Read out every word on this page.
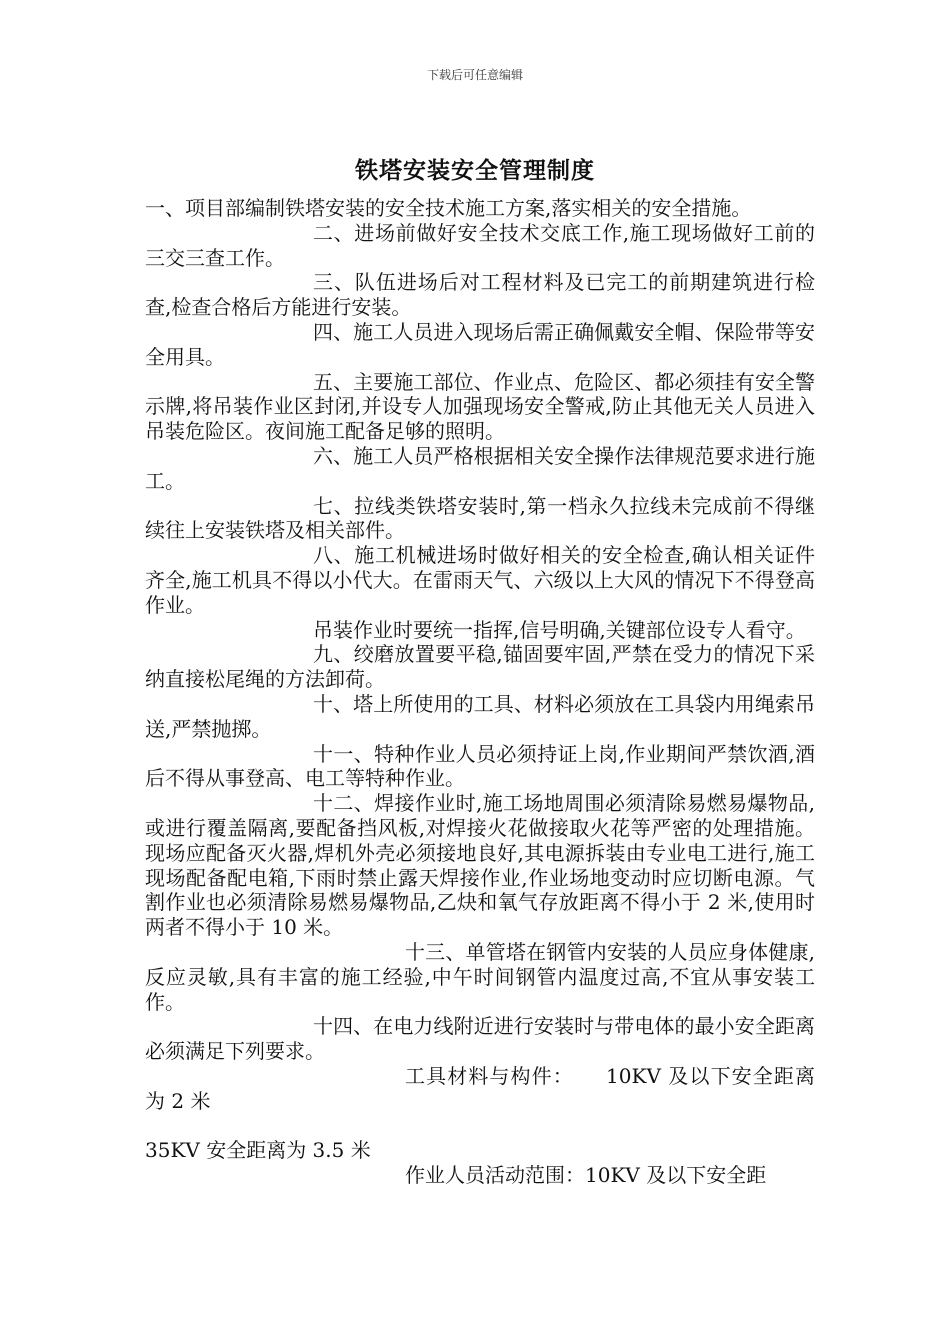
下载后可任意编辑
铁塔安装安全管理制度

一、项目部编制铁塔安装的安全技术施工方案,落实相关的安全措施。

二、进场前做好安全技术交底工作,施工现场做好工前的三交三查工作。

三、队伍进场后对工程材料及已完工的前期建筑进行检查,检查合格后方能进行安装。

四、施工人员进入现场后需正确佩戴安全帽、保险带等安全用具。

五、主要施工部位、作业点、危险区、都必须挂有安全警示牌,将吊装作业区封闭,并设专人加强现场安全警戒,防止其他无关人员进入吊装危险区。夜间施工配备足够的照明。

六、施工人员严格根据相关安全操作法律规范要求进行施工。

七、拉线类铁塔安装时,第一档永久拉线未完成前不得继续往上安装铁塔及相关部件。

八、施工机械进场时做好相关的安全检查,确认相关证件齐全,施工机具不得以小代大。在雷雨天气、六级以上大风的情况下不得登高作业。

吊装作业时要统一指挥,信号明确,关键部位设专人看守。

九、绞磨放置要平稳,锚固要牢固,严禁在受力的情况下采纳直接松尾绳的方法卸荷。

十、塔上所使用的工具、材料必须放在工具袋内用绳索吊送,严禁抛掷。

十一、特种作业人员必须持证上岗,作业期间严禁饮酒,酒后不得从事登高、电工等特种作业。

十二、焊接作业时,施工场地周围必须清除易燃易爆物品,或进行覆盖隔离,要配备挡风板,对焊接火花做接取火花等严密的处理措施。现场应配备灭火器,焊机外壳必须接地良好,其电源拆装由专业电工进行,施工现场配备配电箱,下雨时禁止露天焊接作业,作业场地变动时应切断电源。气割作业也必须清除易燃易爆物品,乙炔和氧气存放距离不得小于 2 米,使用时两者不得小于 10 米。

十三、单管塔在钢管内安装的人员应身体健康,反应灵敏,具有丰富的施工经验,中午时间钢管内温度过高,不宜从事安装工作。

十四、在电力线附近进行安装时与带电体的最小安全距离必须满足下列要求。

工具材料与构件：　　10KV 及以下安全距离为 2 米

35KV 安全距离为 3.5 米

作业人员活动范围：10KV 及以下安全距
